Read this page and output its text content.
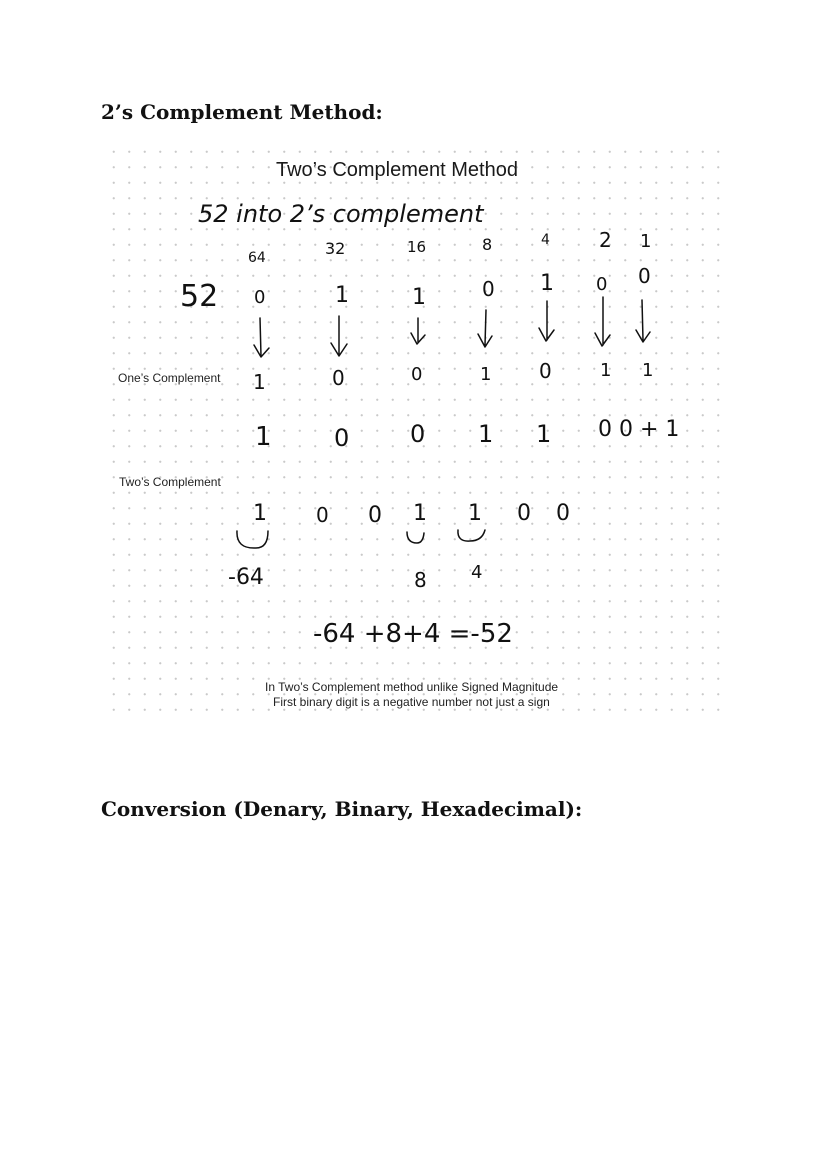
2’s Complement Method:
Two’s Complement Method
One’s Complement
Two’s Complement
52 into 2’s complement
64	32	16	8	4 2 1
52 0	1	1	0 1 0 0
1	0	0	1 0	1 1
1	0	0 1 1 0 0 + 1
1 0 0 1 1 0 0
-64	8 4
-64 +8+4 =-52
In Two’s Complement method unlike Signed Magnitude
First binary digit is a negative number not just a sign
Conversion (Denary, Binary, Hexadecimal):
